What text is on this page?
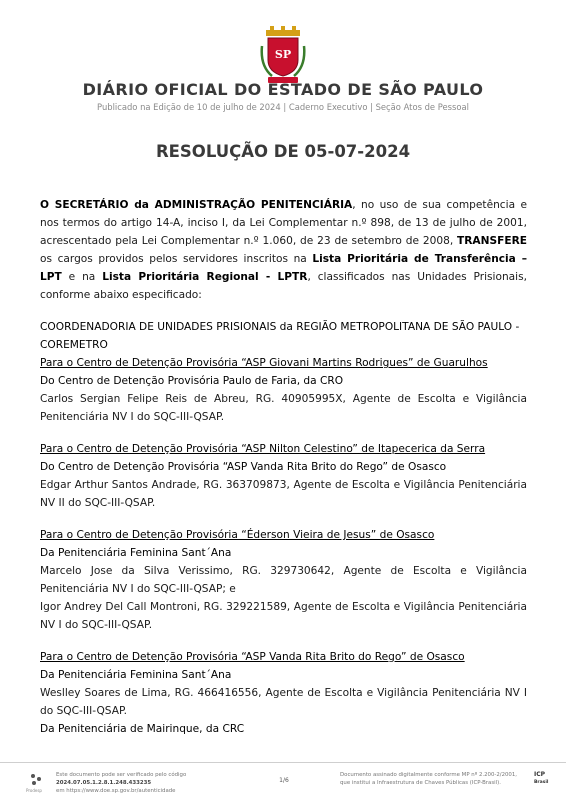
SP
DIÁRIO OFICIAL DO ESTADO DE SÃO PAULO
Publicado na Edição de 10 de julho de 2024 | Caderno Executivo | Seção Atos de Pessoal
RESOLUÇÃO DE 05-07-2024

O SECRETÁRIO da ADMINISTRAÇÃO PENITENCIÁRIA, no uso de sua competência e nos termos do artigo 14-A, inciso I, da Lei Complementar n.º 898, de 13 de julho de 2001, acrescentado pela Lei Complementar n.º 1.060, de 23 de setembro de 2008, TRANSFERE os cargos providos pelos servidores inscritos na Lista Prioritária de Transferência – LPT e na Lista Prioritária Regional - LPTR, classificados nas Unidades Prisionais, conforme abaixo especificado:

COORDENADORIA DE UNIDADES PRISIONAIS da REGIÃO METROPOLITANA DE SÃO PAULO - COREMETRO
Para o Centro de Detenção Provisória “ASP Giovani Martins Rodrigues” de Guarulhos
Do Centro de Detenção Provisória Paulo de Faria, da CRO
Carlos Sergian Felipe Reis de Abreu, RG. 40905995X, Agente de Escolta e Vigilância Penitenciária NV I do SQC-III-QSAP.
Para o Centro de Detenção Provisória “ASP Nilton Celestino” de Itapecerica da Serra
Do Centro de Detenção Provisória “ASP Vanda Rita Brito do Rego” de Osasco
Edgar Arthur Santos Andrade, RG. 363709873, Agente de Escolta e Vigilância Penitenciária NV II do SQC-III-QSAP.
Para o Centro de Detenção Provisória “Éderson Vieira de Jesus” de Osasco
Da Penitenciária Feminina Sant´Ana
Marcelo Jose da Silva Verissimo, RG. 329730642, Agente de Escolta e Vigilância Penitenciária NV I do SQC-III-QSAP; e
Igor Andrey Del Call Montroni, RG. 329221589, Agente de Escolta e Vigilância Penitenciária NV I do SQC-III-QSAP.
Para o Centro de Detenção Provisória “ASP Vanda Rita Brito do Rego” de Osasco
Da Penitenciária Feminina Sant´Ana
Weslley Soares de Lima, RG. 466416556, Agente de Escolta e Vigilância Penitenciária NV I do SQC-III-QSAP.
Da Penitenciária de Mairinque, da CRC
Prodesp
Este documento pode ser verificado pelo código 2024.07.05.1.2.8.1.248.433235
em https://www.doe.sp.gov.br/autenticidade
1/6
Documento assinado digitalmente conforme MP nº 2.200-2/2001,
que institui a Infraestrutura de Chaves Públicas (ICP-Brasil).
ICP
Brasil
